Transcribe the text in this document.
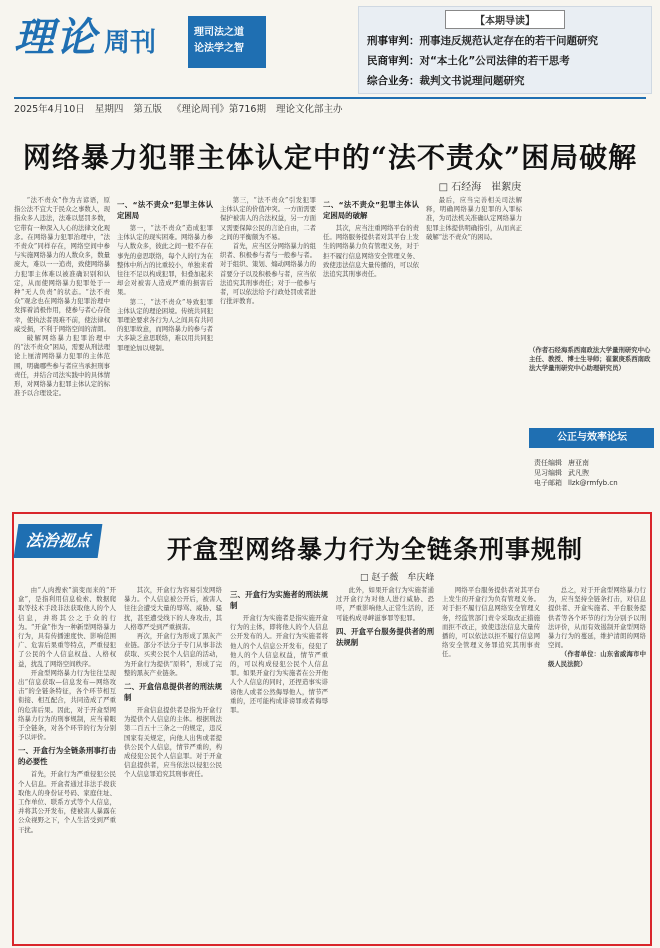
理论 周刊	理司法之道
论法学之智
【本期导读】
刑事审判：刑事违反规范认定存在的若干问题研究
民商审判：对“本土化”公司法律的若干思考
综合业务：裁判文书说理问题研究
2025年4月10日 星期四 第五版 《理论周刊》第716期 理论文化部主办
网络暴力犯罪主体认定中的“法不责众”困局破解
□ 石经海　崔絮庚

“法不责众”作为古谚语，原指公法不宜大于民众之事数人，现指众多人违法，法难以惩罚多数，它带有一种深入人心的法律文化观念。在网络暴力犯罪治理中，“法不责众”同样存在，网络空间中参与实施网络暴力的人数众多，数量庞大，难以一一追责，致使网络暴力犯罪主体难以被准确识别和认定，从而使网络暴力犯罪处于一种“无人负责”的状态。“法不责众”观念也在网络暴力犯罪治理中发挥着消极作用，使参与者心存侥幸，使执法者畏难不前，使法律权威受损，不利于网络空间的清朗。

破解网络暴力犯罪治理中的“法不责众”困局，需要从刑法理论上厘清网络暴力犯罪的主体范围，明确哪些参与者应当承担刑事责任，并结合司法实践中的具体情形，对网络暴力犯罪主体认定的标准予以合理设定。

一、“法不责众”犯罪主体认定困局

第一，“法不责众”造成犯罪主体认定的现实困难。网络暴力参与人数众多，彼此之间一般不存在事先的意思联络，每个人的行为在整体中所占的比重较小，单独来看往往不足以构成犯罪，但叠加起来却会对被害人造成严重的损害后果。

第二，“法不责众”导致犯罪主体认定的理论困境。传统共同犯罪理论要求各行为人之间具有共同的犯罪故意，而网络暴力的参与者大多缺乏意思联络，难以用共同犯罪理论加以规制。

第三，“法不责众”引发犯罪主体认定的价值冲突。一方面需要保护被害人的合法权益，另一方面又需要保障公民的言论自由，二者之间的平衡颇为不易。

首先，应当区分网络暴力的组织者、积极参与者与一般参与者。对于组织、策划、煽动网络暴力的首要分子以及积极参与者，应当依法追究其刑事责任；对于一般参与者，可以依法给予行政处罚或者进行批评教育。

二、“法不责众”犯罪主体认定困局的破解

其次，应当注重网络平台的责任。网络服务提供者对其平台上发生的网络暴力负有管理义务，对于拒不履行信息网络安全管理义务、致使违法信息大量传播的，可以依法追究其刑事责任。

最后，应当完善相关司法解释，明确网络暴力犯罪的入罪标准，为司法机关准确认定网络暴力犯罪主体提供明确指引，从而真正破解“法不责众”的困局。

（作者石经海系西南政法大学量刑研究中心主任、教授、博士生导师；崔絮庚系西南政法大学量刑研究中心助理研究员）

公正与效率论坛
责任编辑 唐亚南
见习编辑 武凡煦
电子邮箱 llzk@rmfyb.cn
法治视点	开盒型网络暴力行为全链条刑事规制
□ 赵子薇　牟庆峰

由“人肉搜索”演变而来的“开盒”，是指利用信息检索、数据爬取等技术手段非法获取他人的个人信息，并将其公之于众的行为。“开盒”作为一种新型网络暴力行为，具有传播速度快、影响范围广、危害后果重等特点，严重侵犯了公民的个人信息权益、人格权益，扰乱了网络空间秩序。

开盒型网络暴力行为往往呈现出“信息获取—信息发布—网络攻击”的全链条特征，各个环节相互衔接、相互配合，共同造成了严重的危害后果。因此，对于开盒型网络暴力行为的刑事规制，应当着眼于全链条，对各个环节的行为分别予以评价。

一、开盒行为全链条刑事打击的必要性

首先，开盒行为严重侵犯公民个人信息。开盒者通过非法手段获取他人的身份证号码、家庭住址、工作单位、联系方式等个人信息，并将其公开发布，使被害人暴露在公众视野之下，个人生活受到严重干扰。

其次，开盒行为容易引发网络暴力。个人信息被公开后，被害人往往会遭受大量的辱骂、威胁、骚扰，甚至遭受线下的人身攻击，其人格尊严受到严重损害。

再次，开盒行为形成了黑灰产业链。部分不法分子专门从事非法获取、买卖公民个人信息的活动，为开盒行为提供“原料”，形成了完整的黑灰产业链条。

二、开盒信息提供者的刑法规制

开盒信息提供者是指为开盒行为提供个人信息的主体。根据刑法第二百五十三条之一的规定，违反国家有关规定，向他人出售或者提供公民个人信息，情节严重的，构成侵犯公民个人信息罪。对于开盒信息提供者，应当依法以侵犯公民个人信息罪追究其刑事责任。

三、开盒行为实施者的刑法规制

开盒行为实施者是指实施开盒行为的主体，即将他人的个人信息公开发布的人。开盒行为实施者将他人的个人信息公开发布，侵犯了他人的个人信息权益，情节严重的，可以构成侵犯公民个人信息罪。如果开盒行为实施者在公开他人个人信息的同时，还捏造事实诽谤他人或者公然侮辱他人，情节严重的，还可能构成诽谤罪或者侮辱罪。

此外，如果开盒行为实施者通过开盒行为对他人进行威胁、恐吓，严重影响他人正常生活的，还可能构成寻衅滋事罪等犯罪。

四、开盒平台服务提供者的刑法规制

网络平台服务提供者对其平台上发生的开盒行为负有管理义务。对于拒不履行信息网络安全管理义务，经监管部门责令采取改正措施而拒不改正，致使违法信息大量传播的，可以依法以拒不履行信息网络安全管理义务罪追究其刑事责任。

总之，对于开盒型网络暴力行为，应当坚持全链条打击，对信息提供者、开盒实施者、平台服务提供者等各个环节的行为分别予以刑法评价，从而有效遏制开盒型网络暴力行为的蔓延，维护清朗的网络空间。

（作者单位：山东省威海市中级人民法院）
